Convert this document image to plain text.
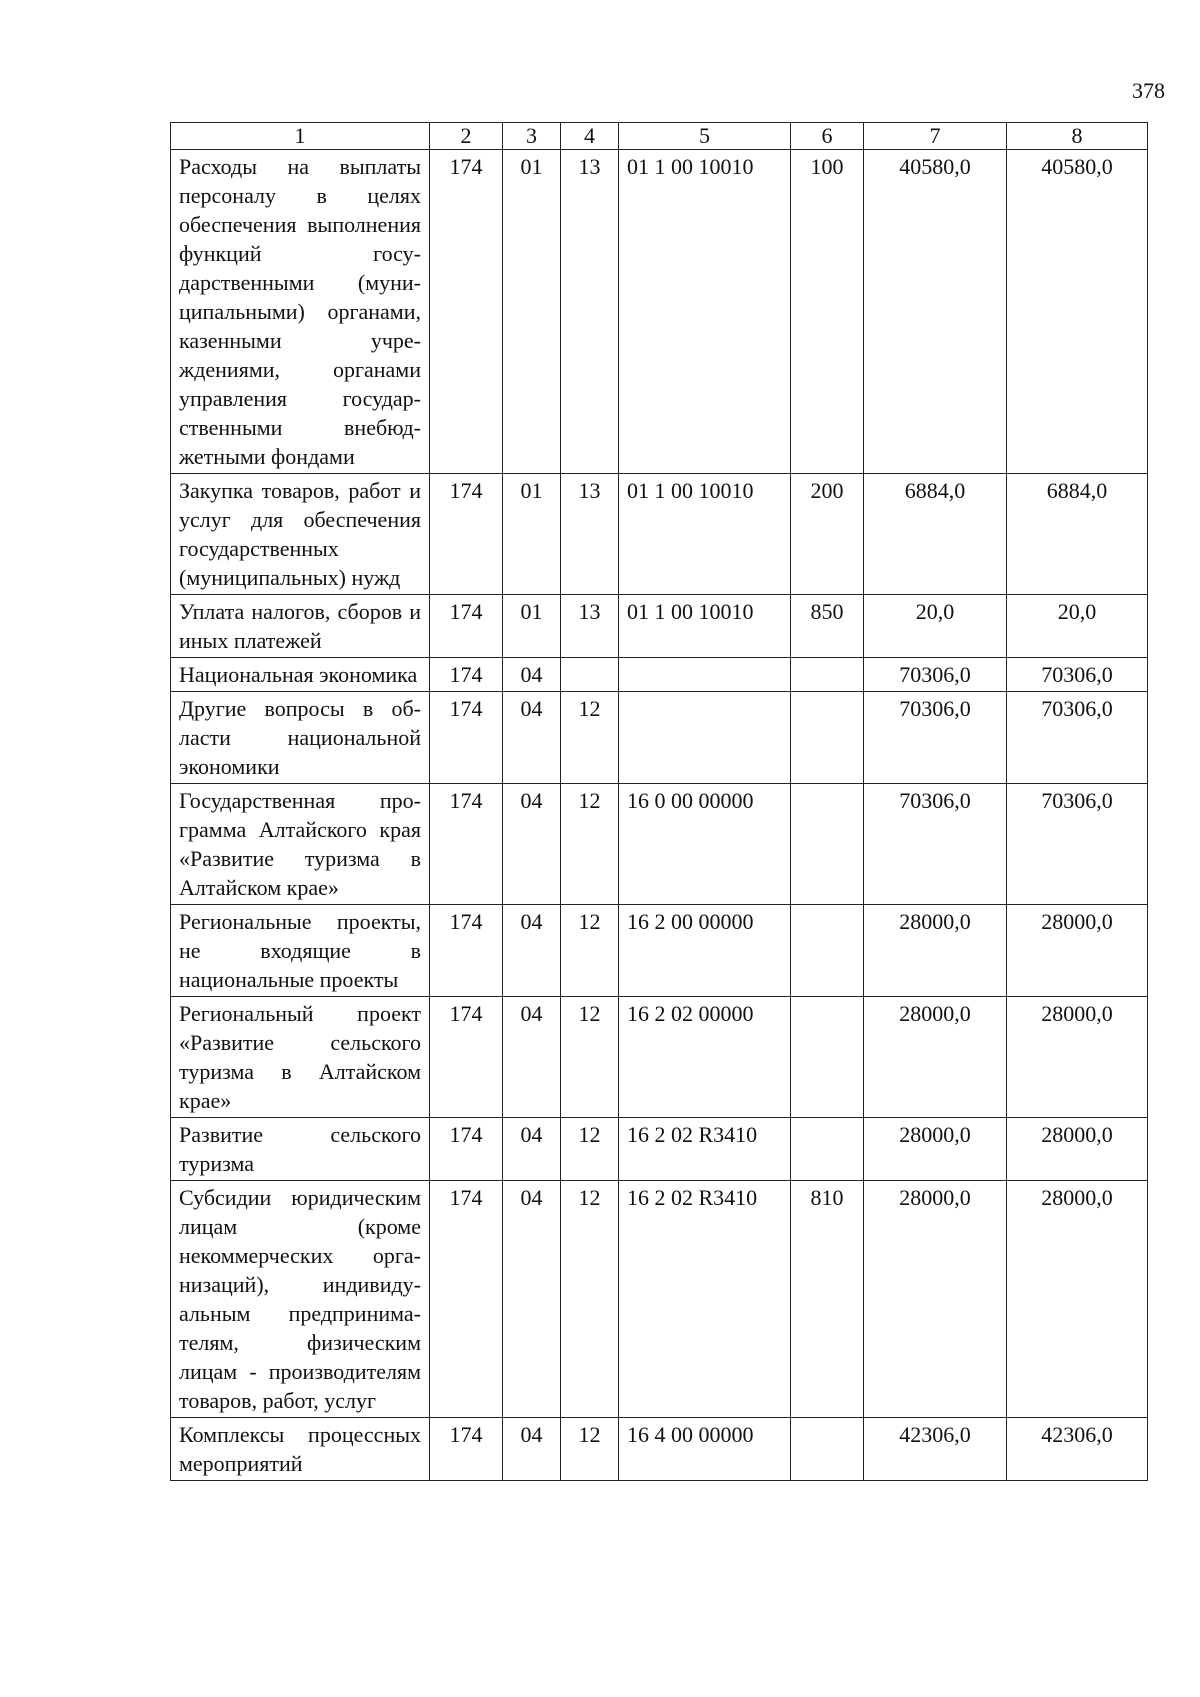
378
1	2	3	4	5	6	7	8
Расходы на выплаты персоналу в целях обеспечения выполнения функций государственными (муниципальными) органами, казенными учреждениями, органами управления государственными внебюджетными фондами	174	01	13	01 1 00 10010	100	40580,0	40580,0
Закупка товаров, работ и услуг для обеспечения государственных (муниципальных) нужд	174	01	13	01 1 00 10010	200	6884,0	6884,0
Уплата налогов, сборов и иных платежей	174	01	13	01 1 00 10010	850	20,0	20,0
Национальная экономика	174	04				70306,0	70306,0
Другие вопросы в области национальной экономики	174	04	12			70306,0	70306,0
Государственная программа Алтайского края «Развитие туризма в Алтайском крае»	174	04	12	16 0 00 00000		70306,0	70306,0
Региональные проекты, не входящие в национальные проекты	174	04	12	16 2 00 00000		28000,0	28000,0
Региональный проект «Развитие сельского туризма в Алтайском крае»	174	04	12	16 2 02 00000		28000,0	28000,0
Развитие сельского туризма	174	04	12	16 2 02 R3410		28000,0	28000,0
Субсидии юридическим лицам (кроме некоммерческих организаций), индивидуальным предпринимателям, физическим лицам - производителям товаров, работ, услуг	174	04	12	16 2 02 R3410	810	28000,0	28000,0
Комплексы процессных мероприятий	174	04	12	16 4 00 00000		42306,0	42306,0
